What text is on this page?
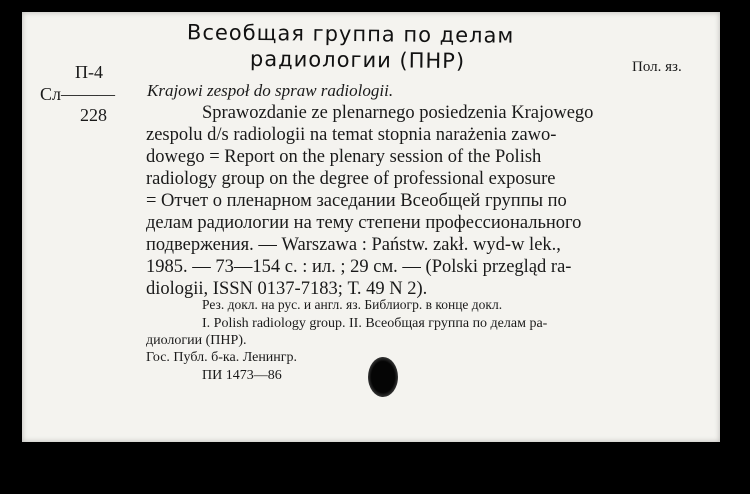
Всеобщая группа по делам
радиологии (ПНР)
П-4	Пол. яз.
Сл———
228
Krajowi zespoł do spraw radiologii.
Sprawozdanie ze plenarnego posiedzenia Krajowego
zespolu d/s radiologii na temat stopnia narażenia zawo-
dowego = Report on the plenary session of the Polish
radiology group on the degree of professional exposure
= Отчет о пленарном заседании Всеобщей группы по
делам радиологии на тему степени профессионального
подвержения. — Warszawa : Państw. zakł. wyd-w lek.,
1985. — 73—154 с. : ил. ; 29 см. — (Polski przegląd ra-
diologii, ISSN 0137-7183; Т. 49 N 2).
Рез. докл. на рус. и англ. яз. Библиогр. в конце докл.
I. Polish radiology group. II. Всеобщая группа по делам ра-
диологии (ПНР).
Гос. Публ. б-ка. Ленингр.
ПИ 1473—86
